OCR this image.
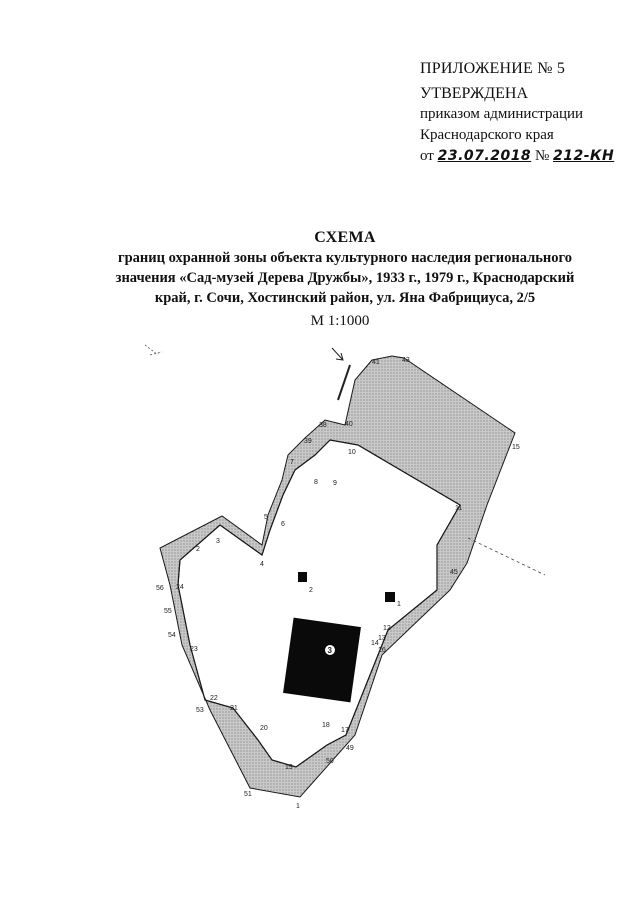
ПРИЛОЖЕНИЕ № 5
УТВЕРЖДЕНА
приказом администрации
Краснодарского края
от 23.07.2018 № 212-КН
СХЕМА
границ охранной зоны объекта культурного наследия регионального
значения «Сад-музей Дерева Дружбы», 1933 г., 1979 г., Краснодарский
край, г. Сочи, Хостинский район, ул. Яна Фабрициуса, 2/5
М 1:1000
3
1
2
1
2
3
4
5
6
7
8 9
10
11
12
13
14
15
16
17
18
19
20
21
22
23
24
38
39
40
41	43
45
49
50
51
53
54
55
56
